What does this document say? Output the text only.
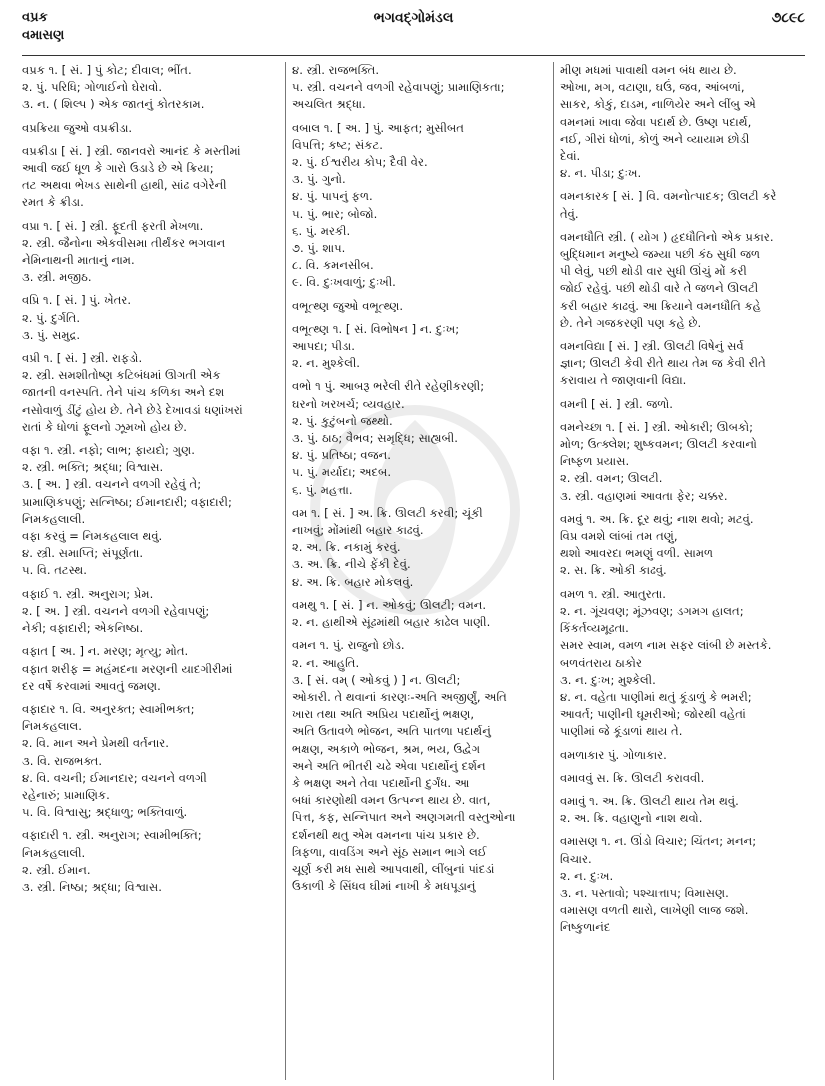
વપ્રક
વમાસણ
ભગવદ્ગોમંડલ	૭૮૯૮
વપ્રક ૧. [ સં. ] પું કોટ; દીવાલ; ભીંત.
૨. પું. પરિધિ; ગોળાઈનો ઘેરાવો.
૩. ન. ( શિલ્પ ) એક જાતનું કોતરકામ.
વપ્રક્રિયા જુઓ વપ્રક્રીડા.
વપ્રક્રીડા [ સં. ] સ્ત્રી. જાનવરો આનંદ કે મસ્તીમાં
આવી જઈ ધૂળ કે ગારો ઉડાડે છે એ ક્રિયા;
તટ અથવા ભેખડ સાથેની હાથી, સાંઢ વગેરેની
રમત કે ક્રીડા.
વપ્રા ૧. [ સં. ] સ્ત્રી. ફૂદતી ફરતી મેખળા.
૨. સ્ત્રી. જૈનોના એકવીસમા તીર્થંકર ભગવાન
નેમિનાથની માતાનું નામ.
૩. સ્ત્રી. મજીઠ.
વપ્રિ ૧. [ સં. ] પું. ખેતર.
૨. પું. દુર્ગતિ.
૩. પું. સમુદ્ર.
વપ્રી ૧. [ સં. ] સ્ત્રી. રાફડો.
૨. સ્ત્રી. સમશીતોષ્ણ કટિબંધમાં ઊગતી એક
જાતની વનસ્પતિ. તેને પાંચ કળિકા અને દશ
નસોવાળું ડીંટું હોય છે. તેને છેડે દેખાવડાં ધણાંખરાં
રાતાં કે ધોળાં ફૂલનો ઝૂમખો હોય છે.
વફા ૧. સ્ત્રી. નફો; લાભ; ફાયદો; ગુણ.
૨. સ્ત્રી. ભક્તિ; શ્રદ્ધા; વિશ્વાસ.
૩. [ અ. ] સ્ત્રી. વચનને વળગી રહેવું તે;
પ્રામાણિકપણું; સત્નિષ્ઠા; ઈમાનદારી; વફાદારી;
નિમકહલાલી.
વફા કરવું = નિમકહલાલ થવું.
૪. સ્ત્રી. સમાપ્તિ; સંપૂર્ણતા.
૫. વિ. તટસ્થ.
વફાઈ ૧. સ્ત્રી. અનુરાગ; પ્રેમ.
૨. [ અ. ] સ્ત્રી. વચનને વળગી રહેવાપણું;
નેકી; વફાદારી; એકનિષ્ઠા.
વફાત [ અ. ] ન. મરણ; મૃત્યુ; મોત.
વફાત શરીફ = મહંમદના મરણની યાદગીરીમાં
દર વર્ષે કરવામાં આવતું જમણ.
વફાદાર ૧. વિ. અનુરક્ત; સ્વામીભક્ત;
નિમકહલાલ.
૨. વિ. માન અને પ્રેમથી વર્તનાર.
૩. વિ. રાજભક્ત.
૪. વિ. વચની; ઈમાનદાર; વચનને વળગી
રહેનારું; પ્રામાણિક.
૫. વિ. વિશ્વાસુ; શ્રદ્ધાળુ; ભક્તિવાળું.
વફાદારી ૧. સ્ત્રી. અનુરાગ; સ્વામીભક્તિ;
નિમકહલાલી.
૨. સ્ત્રી. ઈમાન.
૩. સ્ત્રી. નિષ્ઠા; શ્રદ્ધા; વિશ્વાસ.
૪. સ્ત્રી. રાજભક્તિ.
૫. સ્ત્રી. વચનને વળગી રહેવાપણું; પ્રામાણિકતા;
અચલિત શ્રદ્ધા.
વબાલ ૧. [ અ. ] પું. આફત; મુસીબત
વિપત્તિ; કષ્ટ; સંકટ.
૨. પું. ઈશ્વરીય કોપ; દૈવી વેર.
૩. પું. ગુનો.
૪. પું. પાપનું ફળ.
૫. પું. ભાર; બોજો.
૬. પું. મરકી.
૭. પું. શાપ.
૮. વિ. કમનસીબ.
૯. વિ. દુઃખવાળું; દુઃખી.
વભૂત્થ્ણ જુઓ વભૂત્થ્ણ.
વભૂત્થ્ણ ૧. [ સં. વિભોષન ] ન. દુઃખ;
આપદા; પીડા.
૨. ન. મુશ્કેલી.
વભો ૧ પું. આબરૂ ભરેલી રીતે રહેણીકરણી;
ઘરનો ખરખર્ચ; વ્યવહાર.
૨. પું. કુટુંબનો જથ્થો.
૩. પું. ઠાઠ; વૈભવ; સમૃદ્ધિ; સાહ્યબી.
૪. પું. પ્રતિષ્ઠા; વજન.
૫. પું. મર્યાદા; અદબ.
૬. પું. મહત્તા.
વમ ૧. [ સં. ] અ. ક્રિ. ઊલટી કરવી; ચૂંકી
નાખવું; મોંમાંથી બહાર કાઢવું.
૨. અ. ક્રિ. નકામું કરવું.
૩. અ. ક્રિ. નીચે ફેંકી દેવું.
૪. અ. ક્રિ. બહાર મોકલવું.
વમથુ ૧. [ સં. ] ન. ઓકવું; ઊલટી; વમન.
૨. ન. હાથીએ સૂંઢમાંથી બહાર કાઢેલ પાણી.
વમન ૧. પું. રાજુનો છોડ.
૨. ન. આહુતિ.
૩. [ સં. વમ્ ( ઓકવું ) ] ન. ઊલટી;
ઓકારી. તે થવાનાં કારણઃ-અતિ અજીર્ણું, અતિ
ખારા તથા અતિ અપ્રિય પદાર્થોનું ભક્ષણ,
અતિ ઉતાવળે ભોજન, અતિ પાતળા પદાર્થનું
ભક્ષણ, અકાળે ભોજન, શ્રમ, ભય, ઉદ્વેગ
અને અતિ ભીતરી ચઢે એવા પદાર્થોનું દર્શન
કે ભક્ષણ અને તેવા પદાર્થોની દુર્ગંધ. આ
બધાં કારણોથી વમન ઉત્પન્ન થાય છે. વાત,
પિત્ત, કફ, સન્નિપાત અને અણગમતી વસ્તુઓના
દર્શનથી થતુ એમ વમનના પાંચ પ્રકાર છે.
ત્રિફળા, વાવડિંગ અને સૂંઠ સમાન ભાગે લઈ
ચૂર્ણ કરી મધ સાથે આપવાથી, લીંબુનાં પાંદડાં
ઉકાળી કે સિંધવ ઘીમાં નાખી કે મધપૂડાનું
મીણ મધમાં પાવાથી વમન બંધ થાય છે.
ઓખા, મગ, વટાણા, ઘઉં, જવ, આંબળાં,
સાકર, કોકું, દાડમ, નાળિયેર અને લીંબુ એ
વમનમાં ખાવા જેવા પદાર્થ છે. ઉષ્ણ પદાર્થ,
નઈ, ગીરાં ધોળાં, કોળું અને વ્યાયામ છોડી
દેવાં.
૪. ન. પીડા; દુઃખ.
વમનકારક [ સં. ] વિ. વમનોત્પાદક; ઊલટી કરે
તેવું.
વમનધૌતિ સ્ત્રી. ( યોગ ) હૃદધૌતિનો એક પ્રકાર.
બુદ્ધિમાન મનુષ્યે જમ્યા પછી કંઠ સુધી જળ
પી લેવું, પછી થોડી વાર સુધી ઊંચું મોં કરી
જોઈ રહેવું. પછી થોડી વારે તે જળને ઊલટી
કરી બહાર કાઢવું. આ ક્રિયાને વમનધૌતિ કહે
છે. તેને ગજકરણી પણ કહે છે.
વમનવિદ્યા [ સં. ] સ્ત્રી. ઊલટી વિષેનું સર્વ
જ્ઞાન; ઊલટી કેવી રીતે થાય તેમ જ કેવી રીતે
કરાવાય તે જાણવાની વિદ્યા.
વમની [ સં. ] સ્ત્રી. જળો.
વમનેચ્છા ૧. [ સં. ] સ્ત્રી. ઓકારી; ઊબકો;
મોળ; ઉત્ક્લેશ; શુષ્કવમન; ઊલટી કરવાનો
નિષ્ફળ પ્રયાસ.
૨. સ્ત્રી. વમન; ઊલટી.
૩. સ્ત્રી. વહાણમાં આવતા ફેર; ચક્કર.
વમવું ૧. અ. ક્રિ. દૂર થવું; નાશ થવો; મટવું.
વિપ્ર વમશે લાંબાં તમ તણું,
થશો આવરદા ભમણું વળી. સામળ
૨. સ. ક્રિ. ઓકી કાઢવું.
વમળ ૧. સ્ત્રી. આતુરતા.
૨. ન. ગૂંચવણ; મૂંઝવણ; ડગમગ હાલત;
કિંકર્તવ્યમૂઢતા.
સમર સ્વામ, વમળ નામ સફર લાંબી છે મસ્તકે.
બળવંતરાય ઠાકોર
૩. ન. દુઃખ; મુશ્કેલી.
૪. ન. વહેતા પાણીમાં થતું કૂંડાળું કે ભમરી;
આવર્ત; પાણીની ઘૂમરીઓ; જોરથી વહેતાં
પાણીમાં જે કૂંડાળાં થાય તે.
વમળાકાર પું. ગોળાકાર.
વમાવવું સ. ક્રિ. ઊલટી કરાવવી.
વમાવું ૧. અ. ક્રિ. ઊલટી થાય તેમ થવું.
૨. અ. ક્રિ. વહાણુનો નાશ થવો.
વમાસણ ૧. ન. ઊંડો વિચાર; ચિંતન; મનન;
વિચાર.
૨. ન. દુઃખ.
૩. ન. પસ્તાવો; પશ્ચાત્તાપ; વિમાસણ.
વમાસણ વળતી થારો, લાખેણી લાજ જશે.
નિષ્કુળાનંદ
